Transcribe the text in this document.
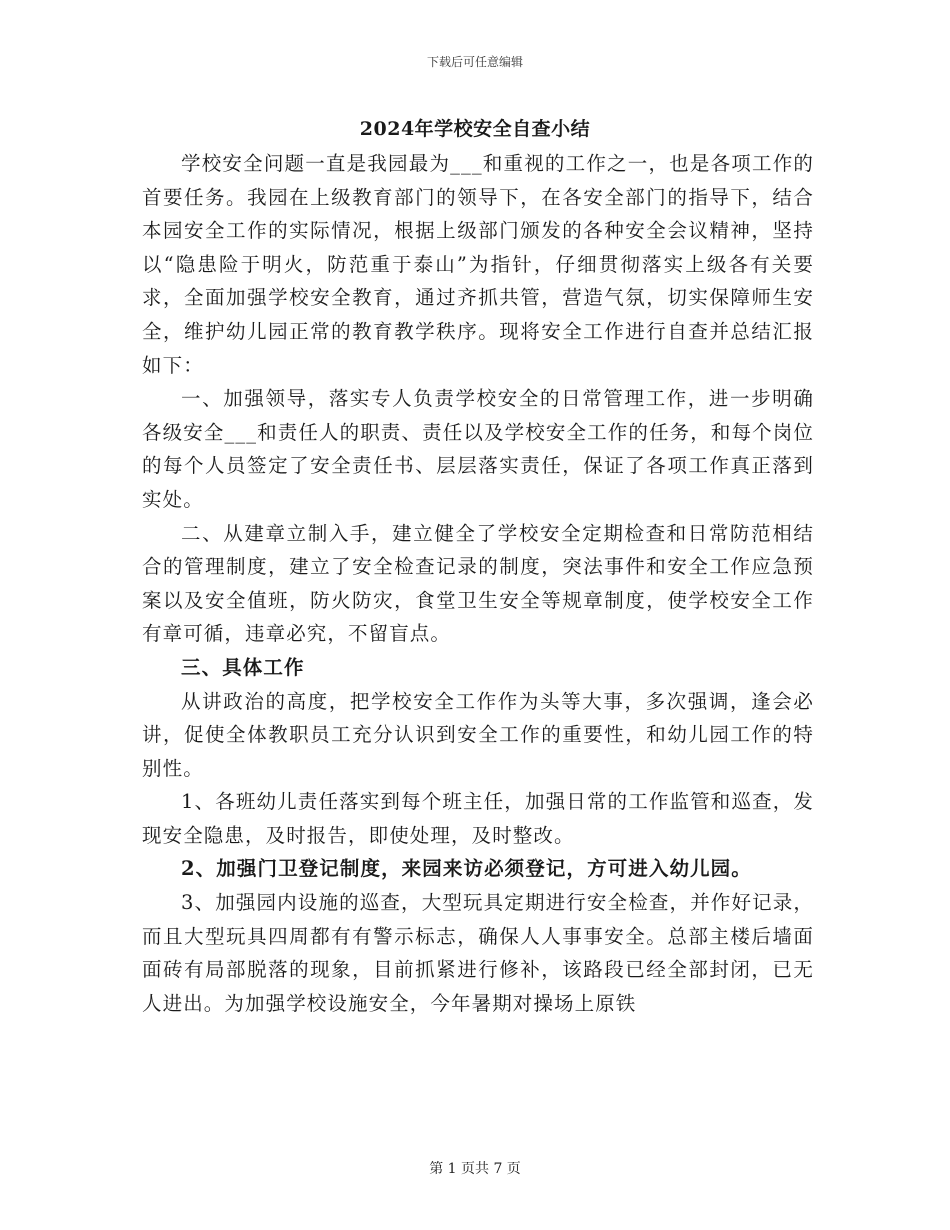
下载后可任意编辑
2024年学校安全自查小结

学校安全问题一直是我园最为___和重视的工作之一，也是各项工作的首要任务。我园在上级教育部门的领导下，在各安全部门的指导下，结合本园安全工作的实际情况，根据上级部门颁发的各种安全会议精神，坚持以“隐患险于明火，防范重于泰山”为指针，仔细贯彻落实上级各有关要求，全面加强学校安全教育，通过齐抓共管，营造气氛，切实保障师生安全，维护幼儿园正常的教育教学秩序。现将安全工作进行自查并总结汇报如下：

一、加强领导，落实专人负责学校安全的日常管理工作，进一步明确各级安全___和责任人的职责、责任以及学校安全工作的任务，和每个岗位的每个人员签定了安全责任书、层层落实责任，保证了各项工作真正落到实处。

二、从建章立制入手，建立健全了学校安全定期检查和日常防范相结合的管理制度，建立了安全检查记录的制度，突法事件和安全工作应急预案以及安全值班，防火防灾，食堂卫生安全等规章制度，使学校安全工作有章可循，违章必究，不留盲点。

三、具体工作

从讲政治的高度，把学校安全工作作为头等大事，多次强调，逢会必讲，促使全体教职员工充分认识到安全工作的重要性，和幼儿园工作的特别性。

1、各班幼儿责任落实到每个班主任，加强日常的工作监管和巡查，发现安全隐患，及时报告，即使处理，及时整改。

2、加强门卫登记制度，来园来访必须登记，方可进入幼儿园。

3、加强园内设施的巡查，大型玩具定期进行安全检查，并作好记录，而且大型玩具四周都有有警示标志，确保人人事事安全。总部主楼后墙面面砖有局部脱落的现象，目前抓紧进行修补，该路段已经全部封闭，已无人进出。为加强学校设施安全，今年暑期对操场上原铁

第 1 页共 7 页
